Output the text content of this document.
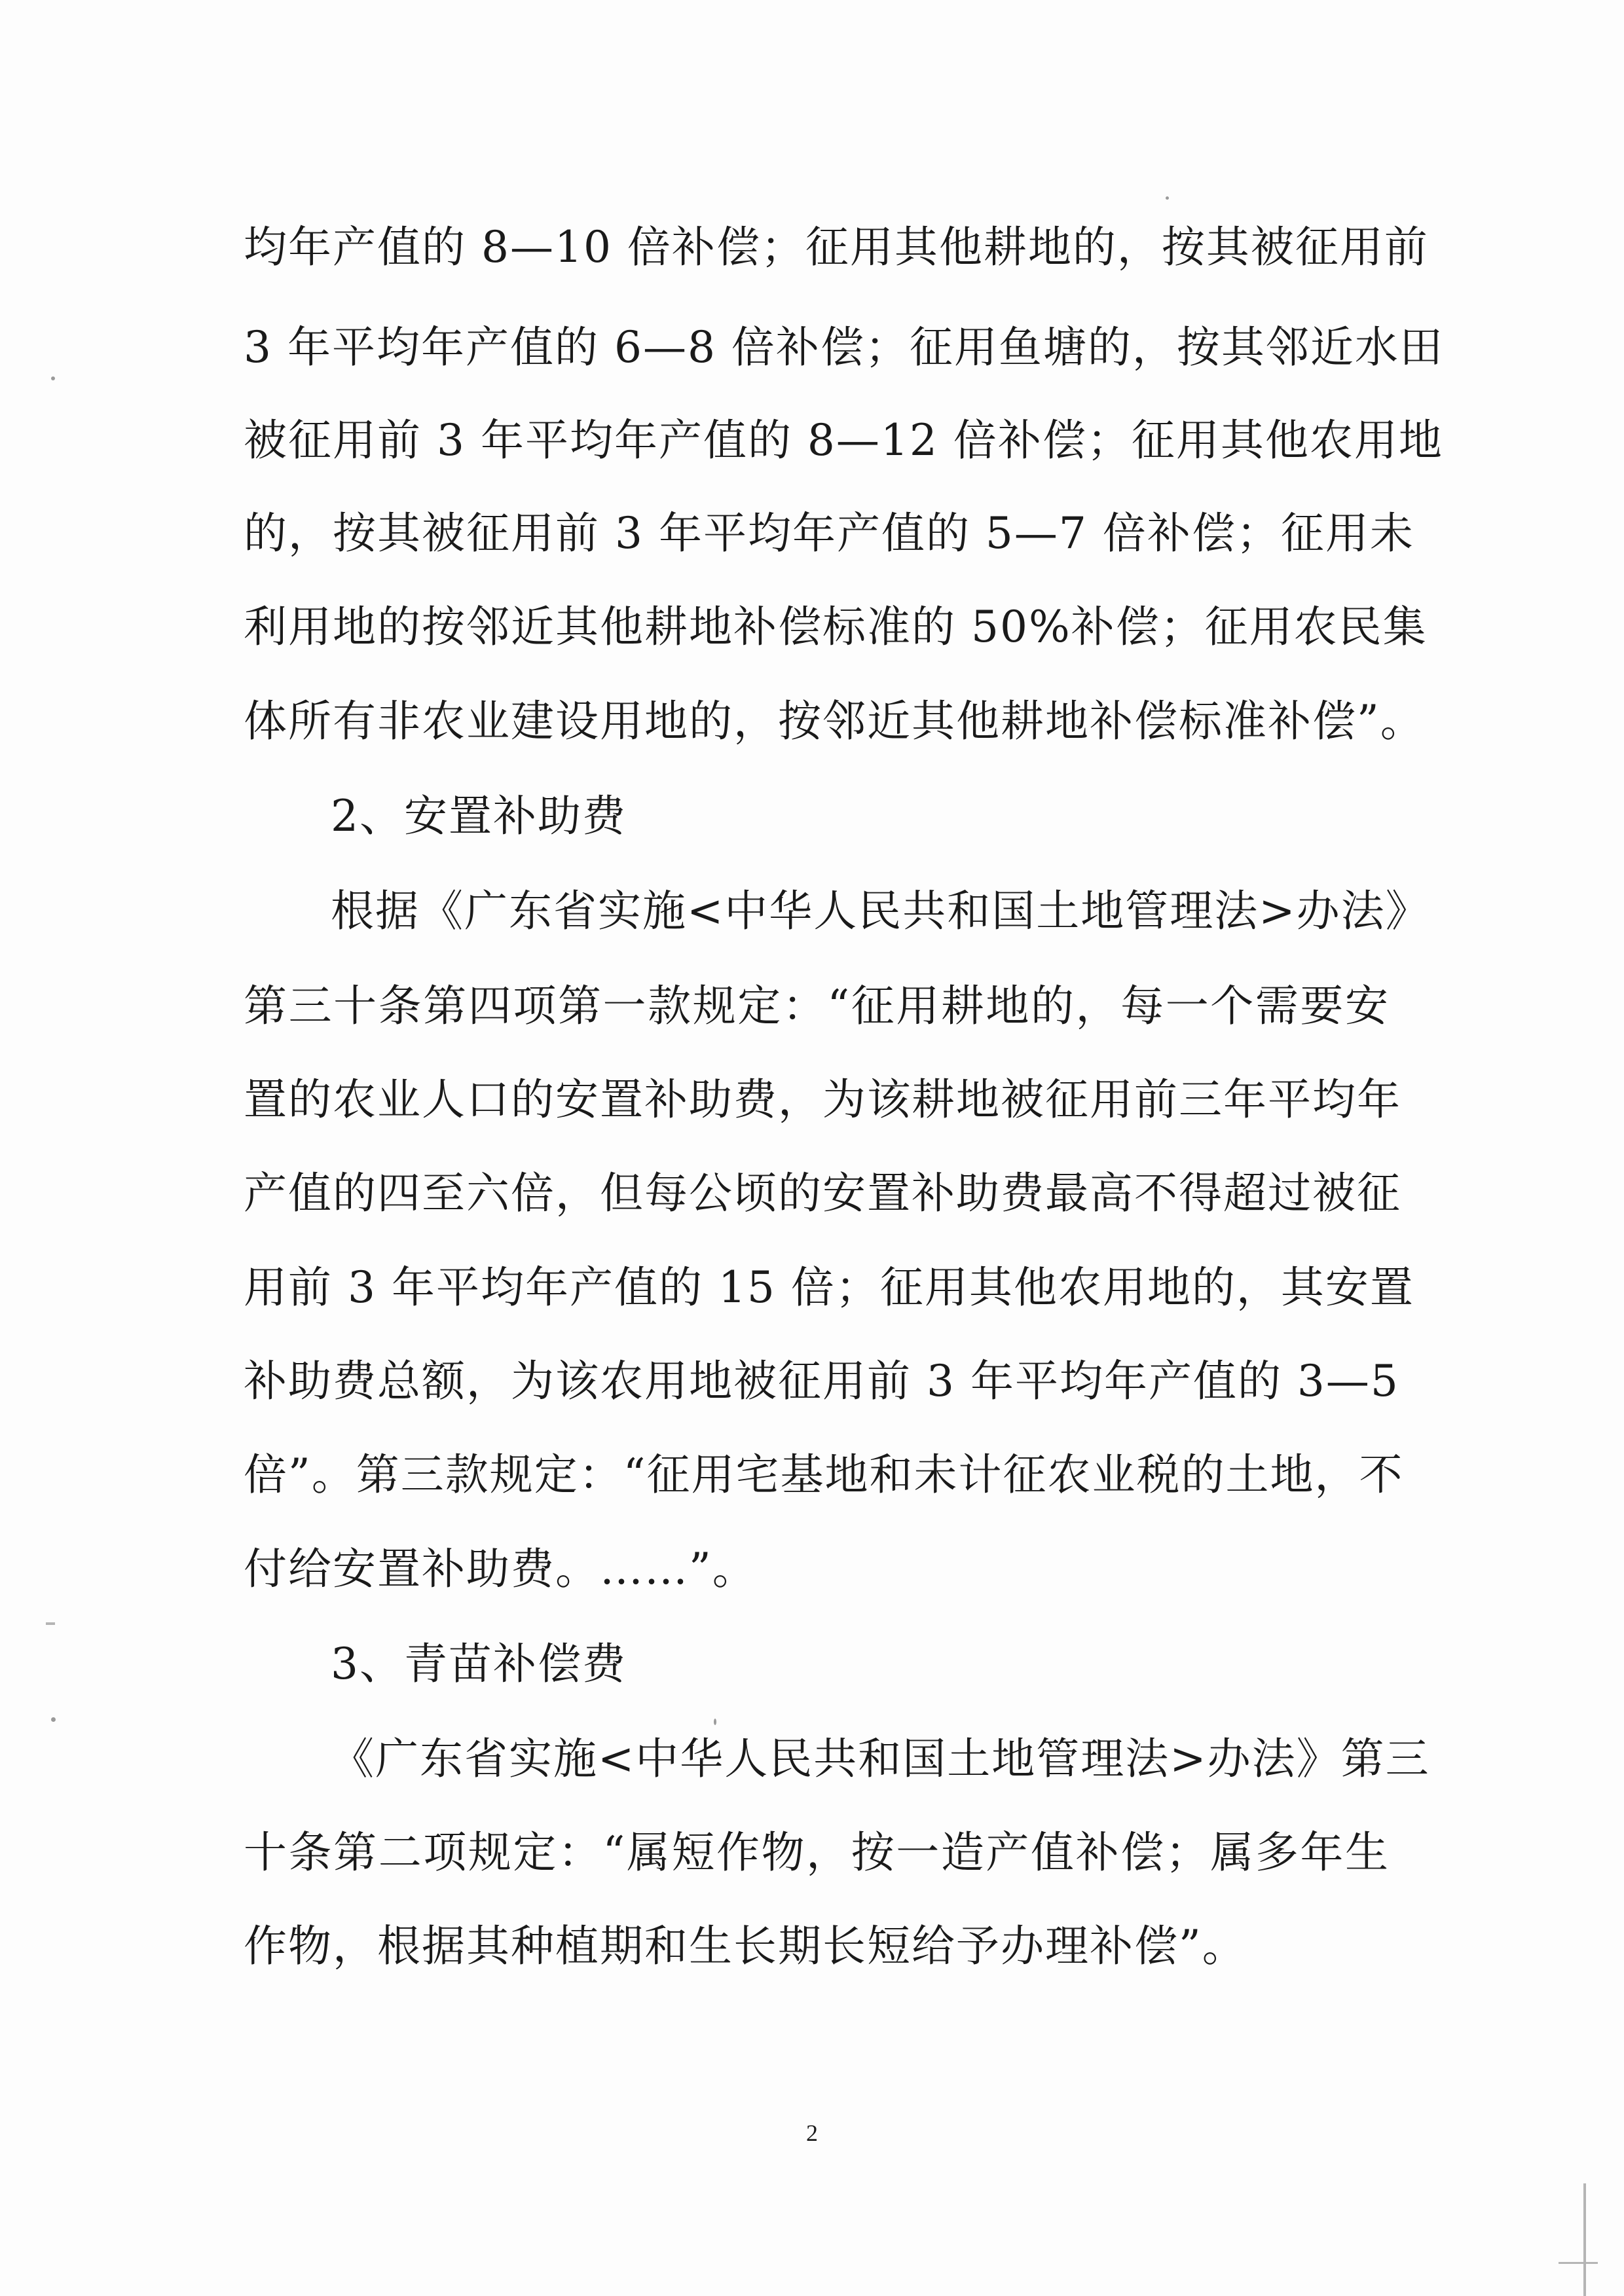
均年产值的 8—10 倍补偿；征用其他耕地的，按其被征用前
3 年平均年产值的 6—8 倍补偿；征用鱼塘的，按其邻近水田
被征用前 3 年平均年产值的 8—12 倍补偿；征用其他农用地
的，按其被征用前 3 年平均年产值的 5—7 倍补偿；征用未
利用地的按邻近其他耕地补偿标准的 50%补偿；征用农民集
体所有非农业建设用地的，按邻近其他耕地补偿标准补偿”。
2、安置补助费
根据《广东省实施<中华人民共和国土地管理法>办法》
第三十条第四项第一款规定：“征用耕地的，每一个需要安
置的农业人口的安置补助费，为该耕地被征用前三年平均年
产值的四至六倍，但每公顷的安置补助费最高不得超过被征
用前 3 年平均年产值的 15 倍；征用其他农用地的，其安置
补助费总额，为该农用地被征用前 3 年平均年产值的 3—5
倍”。第三款规定：“征用宅基地和未计征农业税的土地，不
付给安置补助费。……”。
3、青苗补偿费
《广东省实施<中华人民共和国土地管理法>办法》第三
十条第二项规定：“属短作物，按一造产值补偿；属多年生
作物，根据其种植期和生长期长短给予办理补偿”。
2
